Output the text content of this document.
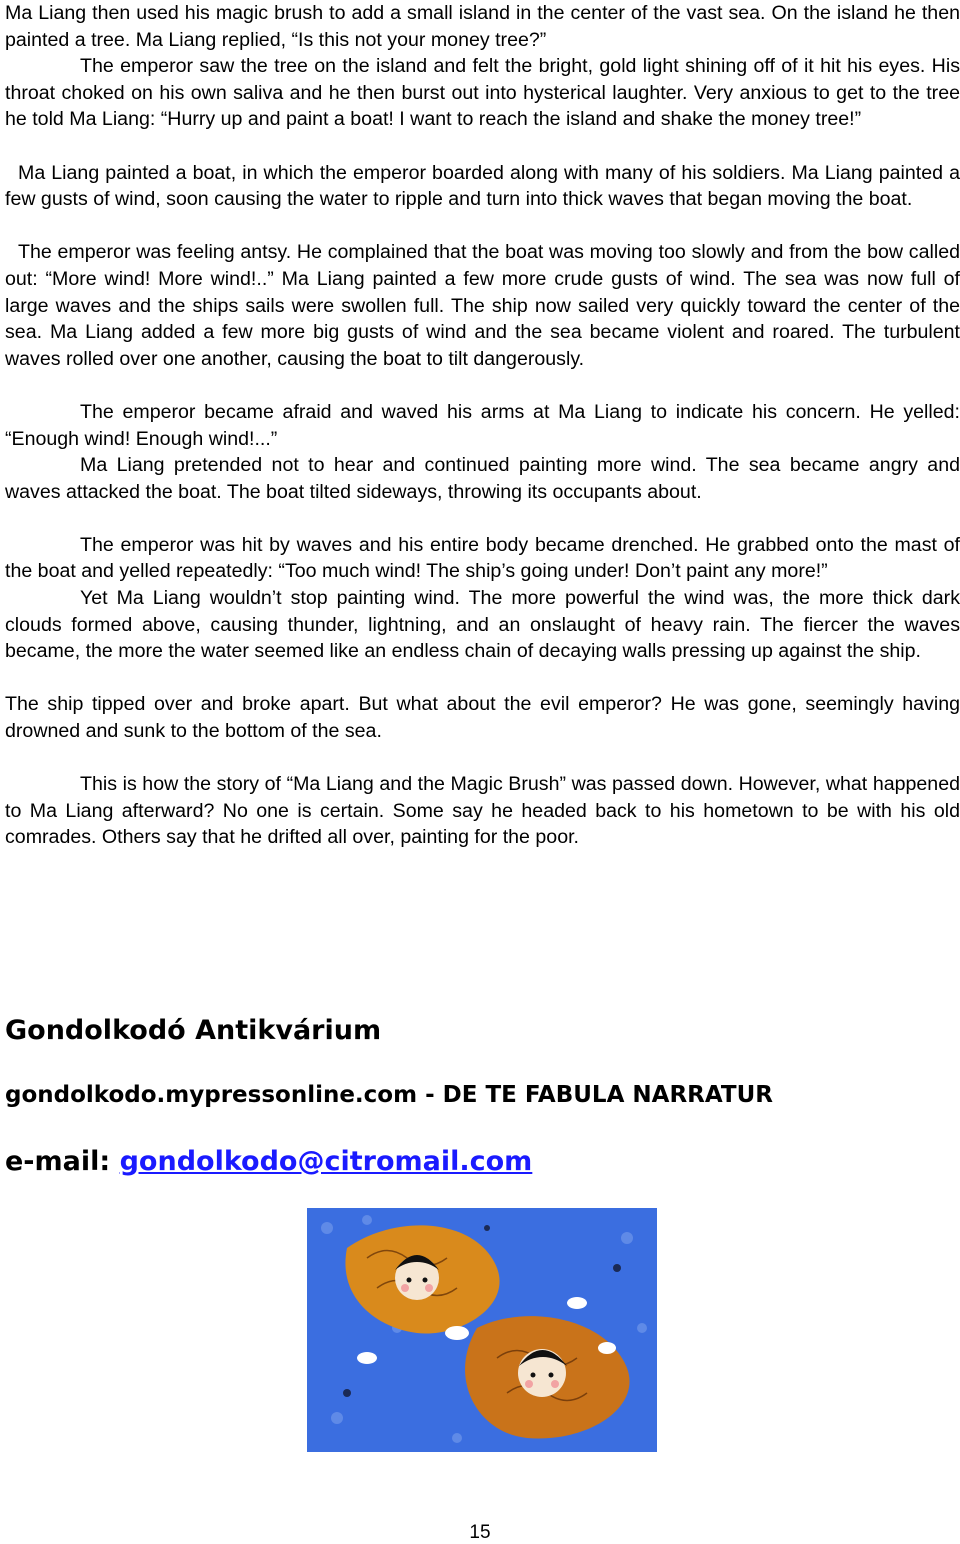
Ma Liang then used his magic brush to add a small island in the center of the vast sea. On the island he then painted a tree. Ma Liang replied, “Is this not your money tree?”

The emperor saw the tree on the island and felt the bright, gold light shining off of it hit his eyes. His throat choked on his own saliva and he then burst out into hysterical laughter. Very anxious to get to the tree he told Ma Liang: “Hurry up and paint a boat! I want to reach the island and shake the money tree!”

Ma Liang painted a boat, in which the emperor boarded along with many of his soldiers. Ma Liang painted a few gusts of wind, soon causing the water to ripple and turn into thick waves that began moving the boat.

The emperor was feeling antsy. He complained that the boat was moving too slowly and from the bow called out: “More wind! More wind!..” Ma Liang painted a few more crude gusts of wind. The sea was now full of large waves and the ships sails were swollen full. The ship now sailed very quickly toward the center of the sea. Ma Liang added a few more big gusts of wind and the sea became violent and roared. The turbulent waves rolled over one another, causing the boat to tilt dangerously.

The emperor became afraid and waved his arms at Ma Liang to indicate his concern. He yelled: “Enough wind! Enough wind!...”

Ma Liang pretended not to hear and continued painting more wind. The sea became angry and waves attacked the boat. The boat tilted sideways, throwing its occupants about.

The emperor was hit by waves and his entire body became drenched. He grabbed onto the mast of the boat and yelled repeatedly: “Too much wind! The ship’s going under! Don’t paint any more!”

Yet Ma Liang wouldn’t stop painting wind. The more powerful the wind was, the more thick dark clouds formed above, causing thunder, lightning, and an onslaught of heavy rain. The fiercer the waves became, the more the water seemed like an endless chain of decaying walls pressing up against the ship.

The ship tipped over and broke apart. But what about the evil emperor? He was gone, seemingly having drowned and sunk to the bottom of the sea.

This is how the story of “Ma Liang and the Magic Brush” was passed down. However, what happened to Ma Liang afterward? No one is certain. Some say he headed back to his hometown to be with his old comrades. Others say that he drifted all over, painting for the poor.

Gondolkodó Antikvárium

gondolkodo.mypressonline.com - DE TE FABULA NARRATUR

e-mail: gondolkodo@citromail.com

15
